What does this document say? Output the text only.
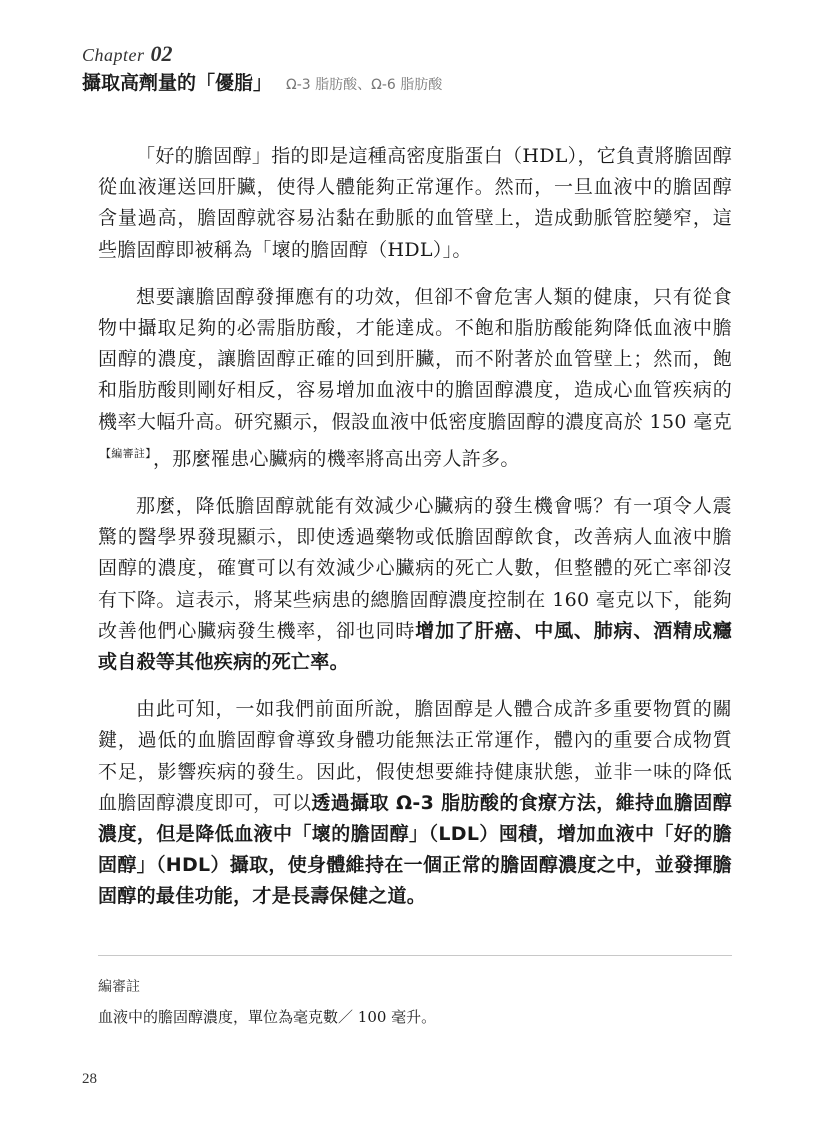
Chapter 02
攝取高劑量的「優脂」 Ω-3 脂肪酸、Ω-6 脂肪酸

「好的膽固醇」指的即是這種高密度脂蛋白（HDL），它負責將膽固醇從血液運送回肝臟，使得人體能夠正常運作。然而，一旦血液中的膽固醇含量過高，膽固醇就容易沾黏在動脈的血管壁上，造成動脈管腔變窄，這些膽固醇即被稱為「壞的膽固醇（HDL）」。

想要讓膽固醇發揮應有的功效，但卻不會危害人類的健康，只有從食物中攝取足夠的必需脂肪酸，才能達成。不飽和脂肪酸能夠降低血液中膽固醇的濃度，讓膽固醇正確的回到肝臟，而不附著於血管壁上；然而，飽和脂肪酸則剛好相反，容易增加血液中的膽固醇濃度，造成心血管疾病的機率大幅升高。研究顯示，假設血液中低密度膽固醇的濃度高於 150 毫克$^{【編審註】}$ ，那麼罹患心臟病的機率將高出旁人許多。

那麼，降低膽固醇就能有效減少心臟病的發生機會嗎？有一項令人震驚的醫學界發現顯示，即使透過藥物或低膽固醇飲食，改善病人血液中膽固醇的濃度，確實可以有效減少心臟病的死亡人數，但整體的死亡率卻沒有下降。這表示，將某些病患的總膽固醇濃度控制在 160 毫克以下，能夠改善他們心臟病發生機率，卻也同時增加了肝癌、中風、肺病、酒精成癮或自殺等其他疾病的死亡率。

由此可知，一如我們前面所說，膽固醇是人體合成許多重要物質的關鍵，過低的血膽固醇會導致身體功能無法正常運作，體內的重要合成物質不足，影響疾病的發生。因此，假使想要維持健康狀態，並非一味的降低血膽固醇濃度即可，可以透過攝取 Ω-3 脂肪酸的食療方法，維持血膽固醇濃度，但是降低血液中「壞的膽固醇」（LDL）囤積，增加血液中「好的膽固醇」（HDL）攝取，使身體維持在一個正常的膽固醇濃度之中，並發揮膽固醇的最佳功能，才是長壽保健之道。

編審註
血液中的膽固醇濃度，單位為毫克數／ 100 毫升。
28
